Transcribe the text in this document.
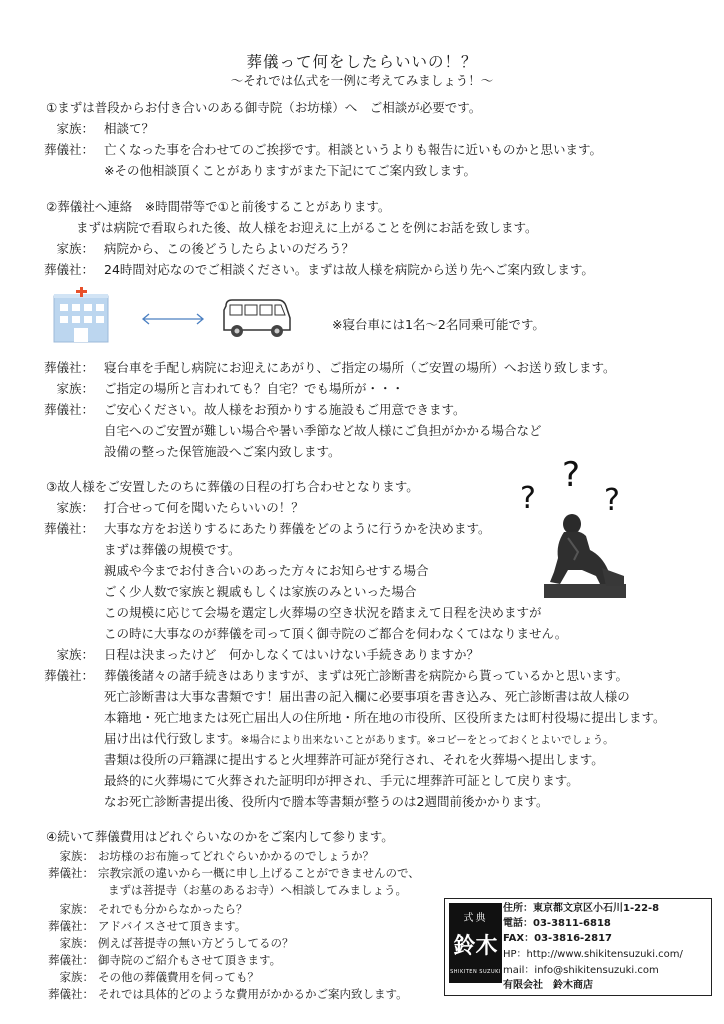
葬儀って何をしたらいいの！？
～それでは仏式を一例に考えてみましょう！～
①まずは普段からお付き合いのある御寺院（お坊様）へ　ご相談が必要です。
家族： 相談て？
葬儀社： 亡くなった事を合わせてのご挨拶です。相談というよりも報告に近いものかと思います。
※その他相談頂くことがありますがまた下記にてご案内致します。
②葬儀社へ連絡　※時間帯等で①と前後することがあります。
まずは病院で看取られた後、故人様をお迎えに上がることを例にお話を致します。
家族： 病院から、この後どうしたらよいのだろう？
葬儀社： 24時間対応なのでご相談ください。まずは故人様を病院から送り先へご案内致します。
※寝台車には1名～2名同乗可能です。
葬儀社： 寝台車を手配し病院にお迎えにあがり、ご指定の場所（ご安置の場所）へお送り致します。
家族： ご指定の場所と言われても？自宅？でも場所が・・・
葬儀社： ご安心ください。故人様をお預かりする施設もご用意できます。
自宅へのご安置が難しい場合や暑い季節など故人様にご負担がかかる場合など
設備の整った保管施設へご案内致します。
③故人様をご安置したのちに葬儀の日程の打ち合わせとなります。	?
?
?
家族： 打合せって何を聞いたらいいの！？
葬儀社： 大事な方をお送りするにあたり葬儀をどのように行うかを決めます。
まずは葬儀の規模です。
親戚や今までお付き合いのあった方々にお知らせする場合
ごく少人数で家族と親戚もしくは家族のみといった場合
この規模に応じて会場を選定し火葬場の空き状況を踏まえて日程を決めますが
この時に大事なのが葬儀を司って頂く御寺院のご都合を伺わなくてはなりません。
家族： 日程は決まったけど　何かしなくてはいけない手続きありますか？
葬儀社： 葬儀後諸々の諸手続きはありますが、まずは死亡診断書を病院から貰っているかと思います。
死亡診断書は大事な書類です！届出書の記入欄に必要事項を書き込み、死亡診断書は故人様の
本籍地・死亡地または死亡届出人の住所地・所在地の市役所、区役所または町村役場に提出します。
届け出は代行致します。※場合により出来ないことがあります。※コピーをとっておくとよいでしょう。
書類は役所の戸籍課に提出すると火埋葬許可証が発行され、それを火葬場へ提出します。
最終的に火葬場にて火葬された証明印が押され、手元に埋葬許可証として戻ります。
なお死亡診断書提出後、役所内で謄本等書類が整うのは2週間前後かかります。
④続いて葬儀費用はどれぐらいなのかをご案内して参ります。
家族： お坊様のお布施ってどれぐらいかかるのでしょうか？
葬儀社： 宗教宗派の違いから一概に申し上げることができませんので、
まずは菩提寺（お墓のあるお寺）へ相談してみましょう。
家族： それでも分からなかったら？
葬儀社： アドバイスさせて頂きます。
家族： 例えば菩提寺の無い方どうしてるの？
葬儀社： 御寺院のご紹介もさせて頂きます。
家族： その他の葬儀費用を伺っても？
葬儀社： それでは具体的どのような費用がかかるかご案内致します。
式典
鈴木
SHIKITEN SUZUKI
住所：東京都文京区小石川1-22-8
電話：03-3811-6818
FAX：03-3816-2817
HP：http://www.shikitensuzuki.com/
mail：info@shikitensuzuki.com
有限会社　鈴木商店
